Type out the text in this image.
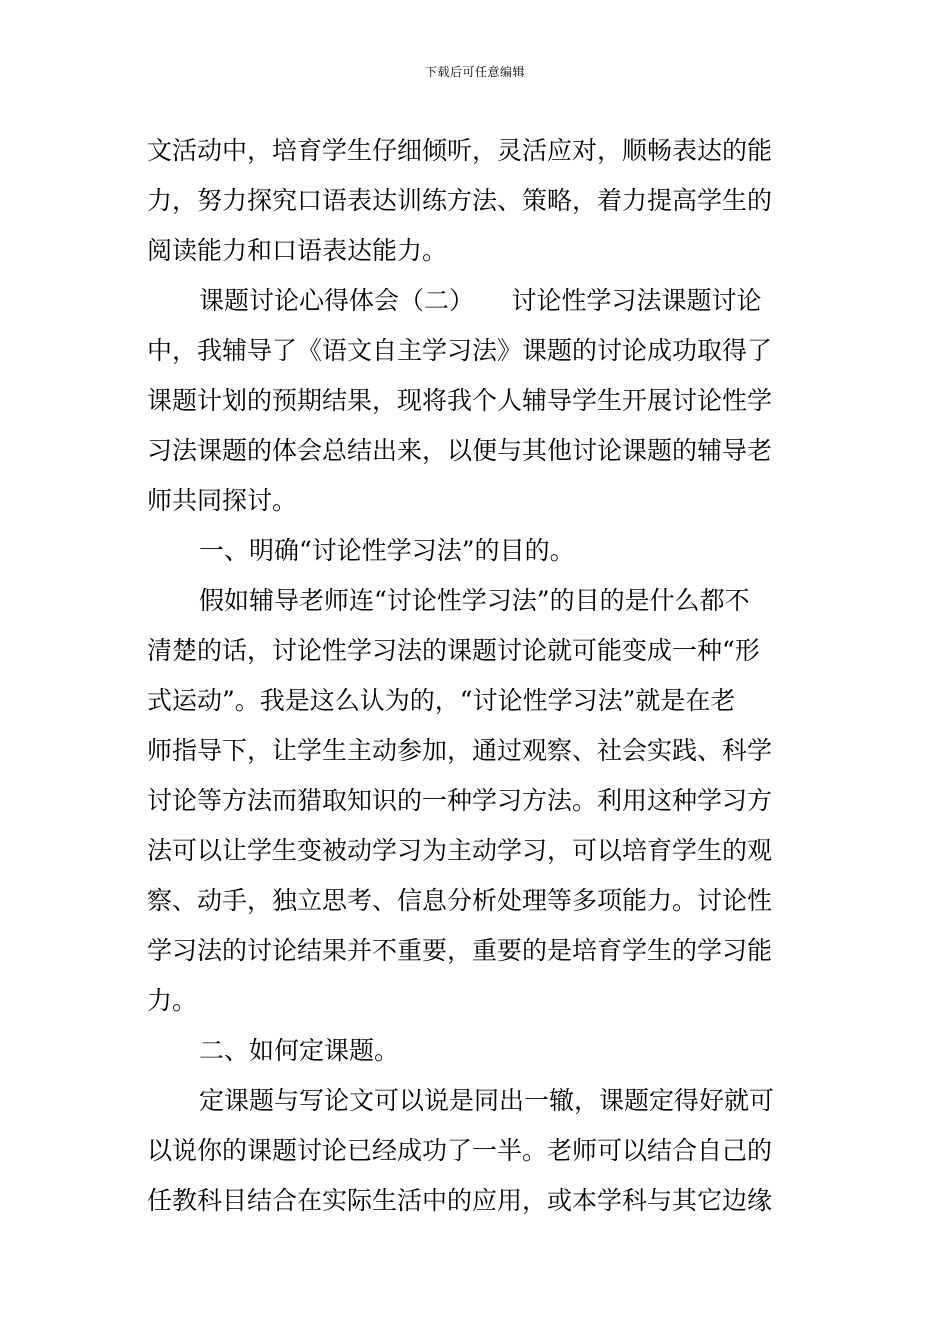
下载后可任意编辑
文活动中，培育学生仔细倾听，灵活应对，顺畅表达的能
力，努力探究口语表达训练方法、策略，着力提高学生的
阅读能力和口语表达能力。
课题讨论心得体会（二）　　讨论性学习法课题讨论
中，我辅导了《语文自主学习法》课题的讨论成功取得了
课题计划的预期结果，现将我个人辅导学生开展讨论性学
习法课题的体会总结出来，以便与其他讨论课题的辅导老
师共同探讨。
一、明确“讨论性学习法”的目的。
假如辅导老师连“讨论性学习法”的目的是什么都不
清楚的话，讨论性学习法的课题讨论就可能变成一种“形
式运动”。我是这么认为的，“讨论性学习法”就是在老
师指导下，让学生主动参加，通过观察、社会实践、科学
讨论等方法而猎取知识的一种学习方法。利用这种学习方
法可以让学生变被动学习为主动学习，可以培育学生的观
察、动手，独立思考、信息分析处理等多项能力。讨论性
学习法的讨论结果并不重要，重要的是培育学生的学习能
力。
二、如何定课题。
定课题与写论文可以说是同出一辙，课题定得好就可
以说你的课题讨论已经成功了一半。老师可以结合自己的
任教科目结合在实际生活中的应用，或本学科与其它边缘
